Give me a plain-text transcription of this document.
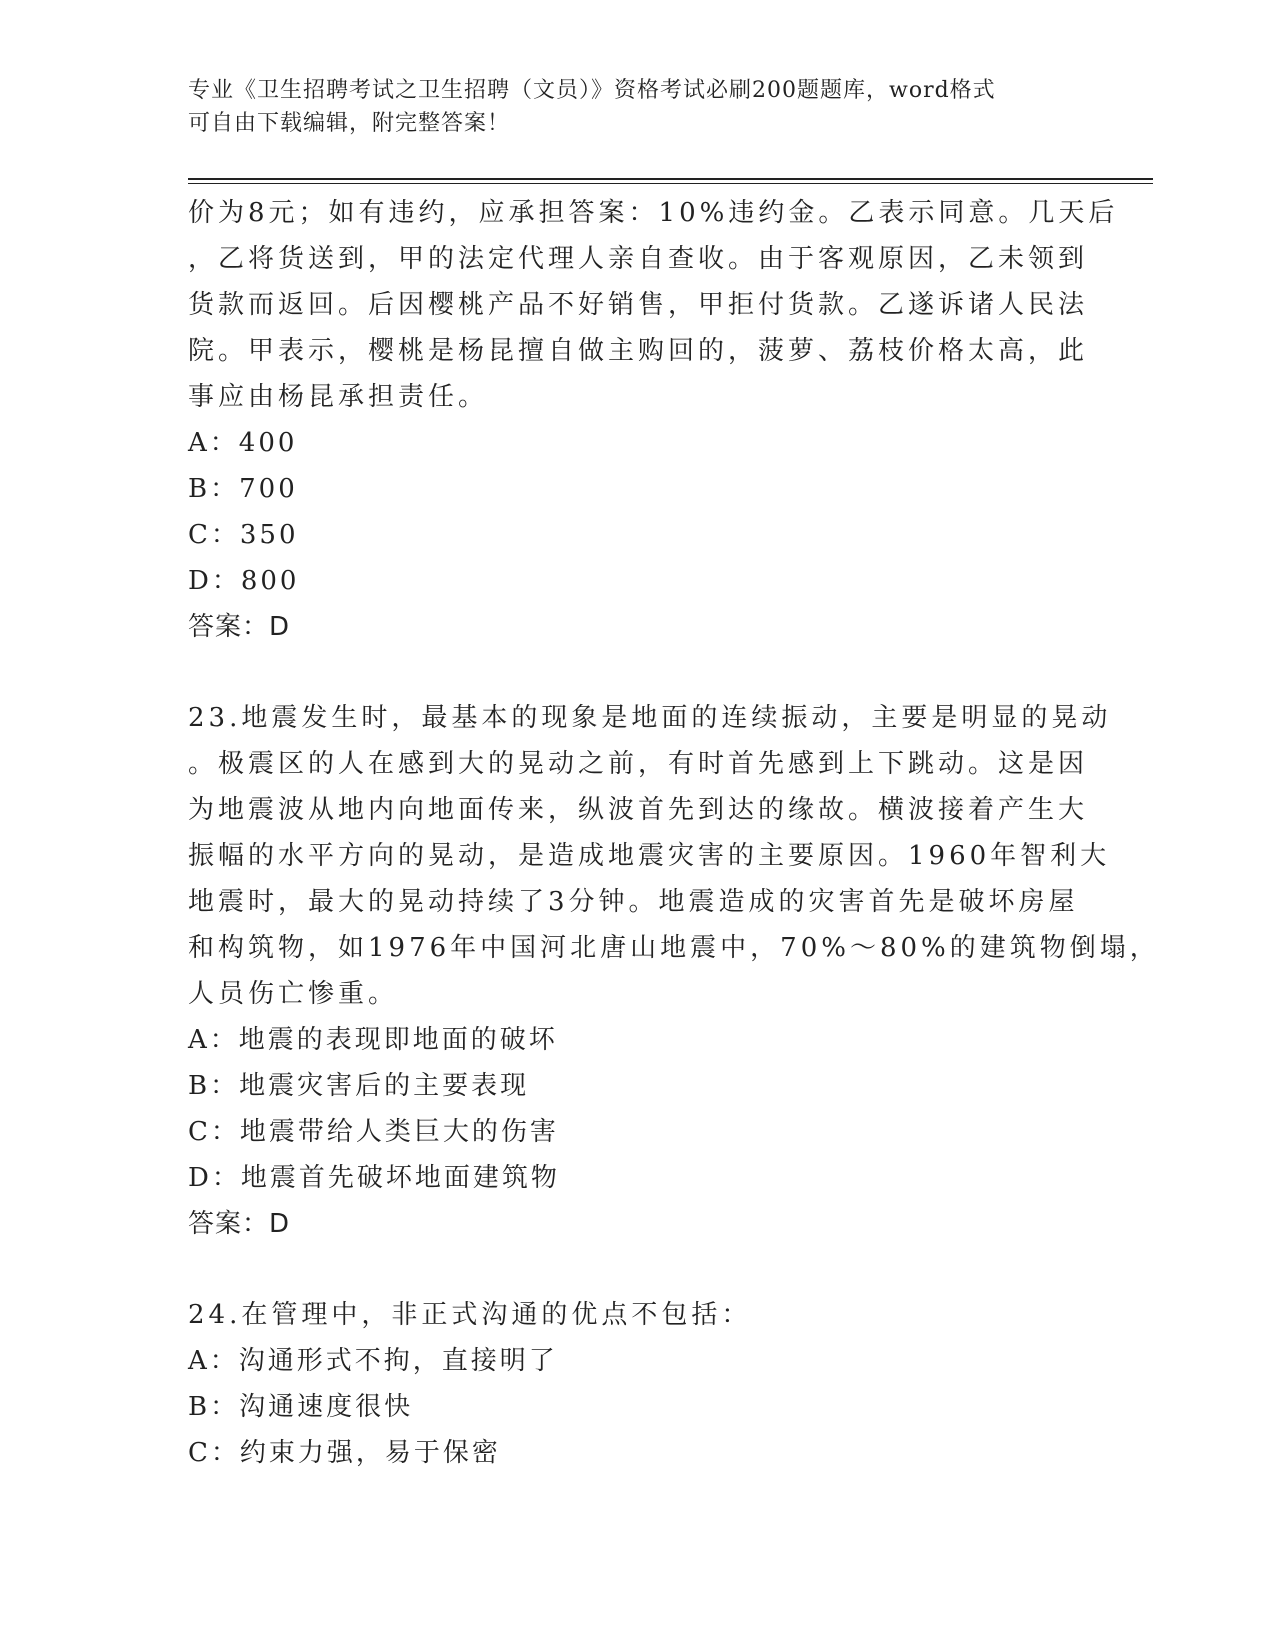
专业《卫生招聘考试之卫生招聘（文员）》资格考试必刷200题题库，word格式
可自由下载编辑，附完整答案！
价为8元；如有违约，应承担答案：10%违约金。乙表示同意。几天后
，乙将货送到，甲的法定代理人亲自查收。由于客观原因，乙未领到
货款而返回。后因樱桃产品不好销售，甲拒付货款。乙遂诉诸人民法
院。甲表示，樱桃是杨昆擅自做主购回的，菠萝、荔枝价格太高，此
事应由杨昆承担责任。
A：400
B：700
C：350
D：800
答案：D
23.地震发生时，最基本的现象是地面的连续振动，主要是明显的晃动
。极震区的人在感到大的晃动之前，有时首先感到上下跳动。这是因
为地震波从地内向地面传来，纵波首先到达的缘故。横波接着产生大
振幅的水平方向的晃动，是造成地震灾害的主要原因。1960年智利大
地震时，最大的晃动持续了3分钟。地震造成的灾害首先是破坏房屋
和构筑物，如1976年中国河北唐山地震中，70%～80%的建筑物倒塌，
人员伤亡惨重。
A：地震的表现即地面的破坏
B：地震灾害后的主要表现
C：地震带给人类巨大的伤害
D：地震首先破坏地面建筑物
答案：D
24.在管理中，非正式沟通的优点不包括：
A：沟通形式不拘，直接明了
B：沟通速度很快
C：约束力强，易于保密
